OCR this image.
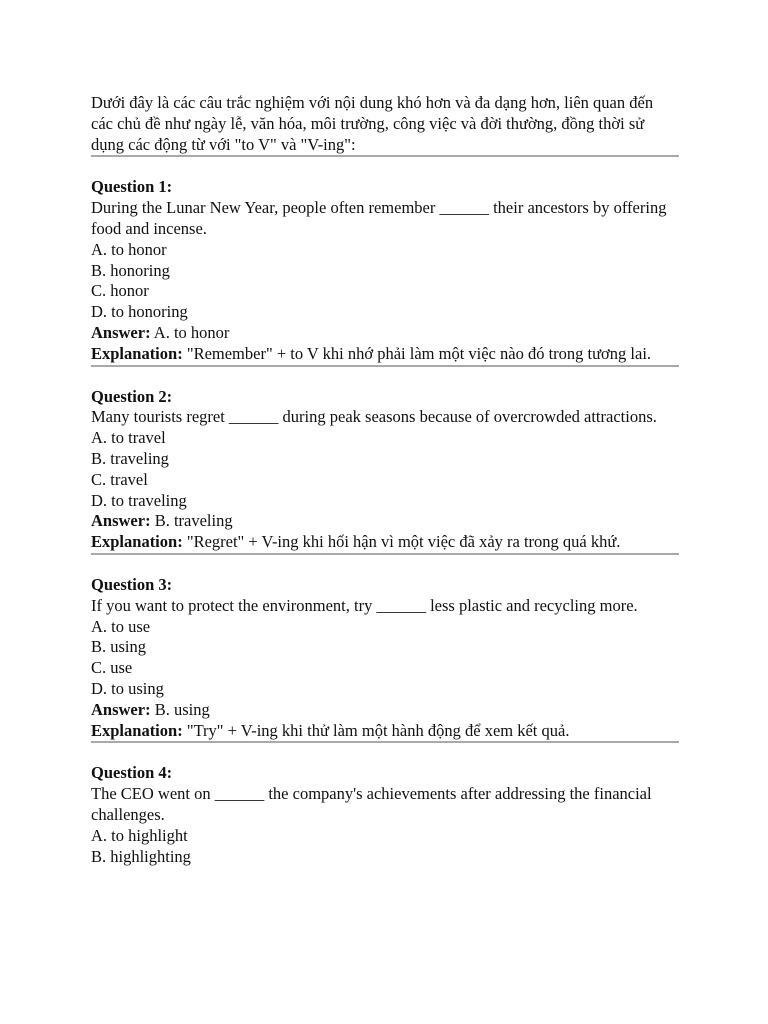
Dưới đây là các câu trắc nghiệm với nội dung khó hơn và đa dạng hơn, liên quan đến các chủ đề như ngày lễ, văn hóa, môi trường, công việc và đời thường, đồng thời sử dụng các động từ với "to V" và "V-ing":

Question 1:

During the Lunar New Year, people often remember ______ their ancestors by offering food and incense.

A. to honor

B. honoring

C. honor

D. to honoring

Answer: A. to honor

Explanation: "Remember" + to V khi nhớ phải làm một việc nào đó trong tương lai.

Question 2:

Many tourists regret ______ during peak seasons because of overcrowded attractions.

A. to travel

B. traveling

C. travel

D. to traveling

Answer: B. traveling

Explanation: "Regret" + V-ing khi hối hận vì một việc đã xảy ra trong quá khứ.

Question 3:

If you want to protect the environment, try ______ less plastic and recycling more.

A. to use

B. using

C. use

D. to using

Answer: B. using

Explanation: "Try" + V-ing khi thử làm một hành động để xem kết quả.

Question 4:

The CEO went on ______ the company's achievements after addressing the financial challenges.

A. to highlight

B. highlighting
